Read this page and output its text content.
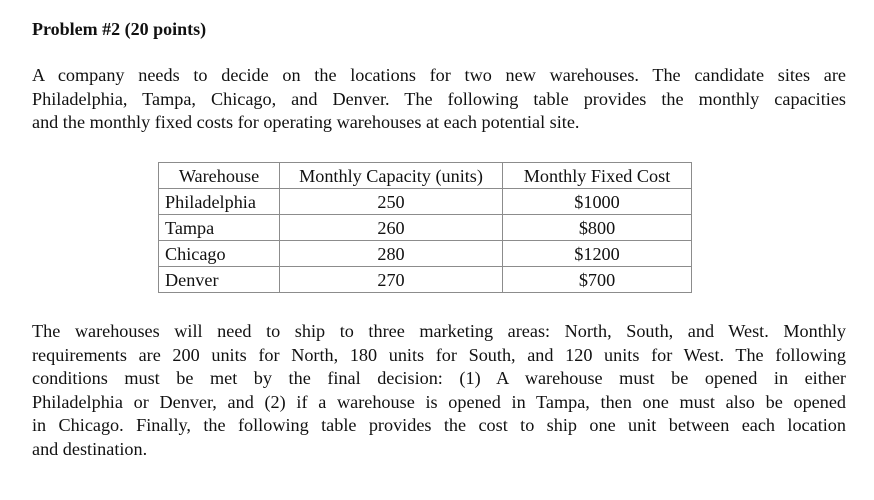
Problem #2 (20 points)
A company needs to decide on the locations for two new warehouses. The candidate sites are
Philadelphia, Tampa, Chicago, and Denver. The following table provides the monthly capacities
and the monthly fixed costs for operating warehouses at each potential site.
Warehouse	Monthly Capacity (units)	Monthly Fixed Cost
Philadelphia	250	$1000
Tampa	260	$800
Chicago	280	$1200
Denver	270	$700
The warehouses will need to ship to three marketing areas: North, South, and West. Monthly
requirements are 200 units for North, 180 units for South, and 120 units for West. The following
conditions must be met by the final decision: (1) A warehouse must be opened in either
Philadelphia or Denver, and (2) if a warehouse is opened in Tampa, then one must also be opened
in Chicago. Finally, the following table provides the cost to ship one unit between each location
and destination.
